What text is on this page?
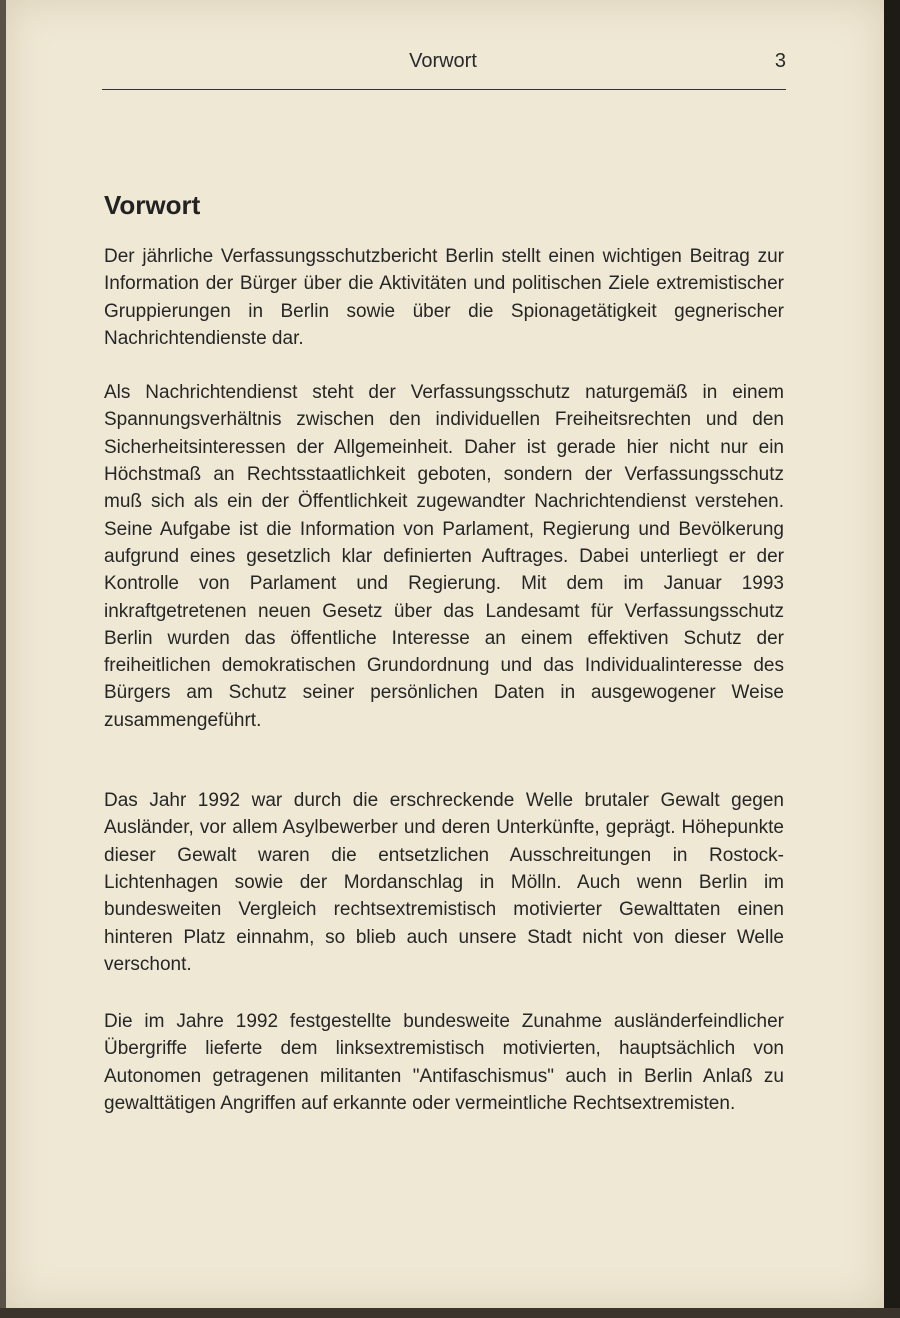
Vorwort	3
Vorwort

Der jährliche Verfassungsschutzbericht Berlin stellt einen wichtigen Beitrag zur Information der Bürger über die Aktivitäten und politischen Ziele extremistischer Gruppierungen in Berlin sowie über die Spionagetätigkeit gegnerischer Nachrichtendienste dar.

Als Nachrichtendienst steht der Verfassungsschutz naturgemäß in einem Spannungsverhältnis zwischen den individuellen Freiheitsrechten und den Sicherheitsinteressen der Allgemeinheit. Daher ist gerade hier nicht nur ein Höchstmaß an Rechtsstaatlichkeit geboten, sondern der Verfassungsschutz muß sich als ein der Öffentlichkeit zugewandter Nachrichtendienst verstehen. Seine Aufgabe ist die Information von Parlament, Regierung und Bevölkerung aufgrund eines gesetzlich klar definierten Auftrages. Dabei unterliegt er der Kontrolle von Parlament und Regierung. Mit dem im Januar 1993 inkraftgetretenen neuen Gesetz über das Landesamt für Verfassungsschutz Berlin wurden das öffentliche Interesse an einem effektiven Schutz der freiheitlichen demokratischen Grundordnung und das Individualinteresse des Bürgers am Schutz seiner persönlichen Daten in ausgewogener Weise zusammengeführt.

Das Jahr 1992 war durch die erschreckende Welle brutaler Gewalt gegen Ausländer, vor allem Asylbewerber und deren Unterkünfte, geprägt. Höhepunkte dieser Gewalt waren die entsetzlichen Ausschreitungen in Rostock-Lichtenhagen sowie der Mordanschlag in Mölln. Auch wenn Berlin im bundesweiten Vergleich rechtsextremistisch motivierter Gewalttaten einen hinteren Platz einnahm, so blieb auch unsere Stadt nicht von dieser Welle verschont.

Die im Jahre 1992 festgestellte bundesweite Zunahme ausländerfeindlicher Übergriffe lieferte dem linksextremistisch motivierten, hauptsächlich von Autonomen getragenen militanten "Antifaschismus" auch in Berlin Anlaß zu gewalttätigen Angriffen auf erkannte oder vermeintliche Rechtsextremisten.
